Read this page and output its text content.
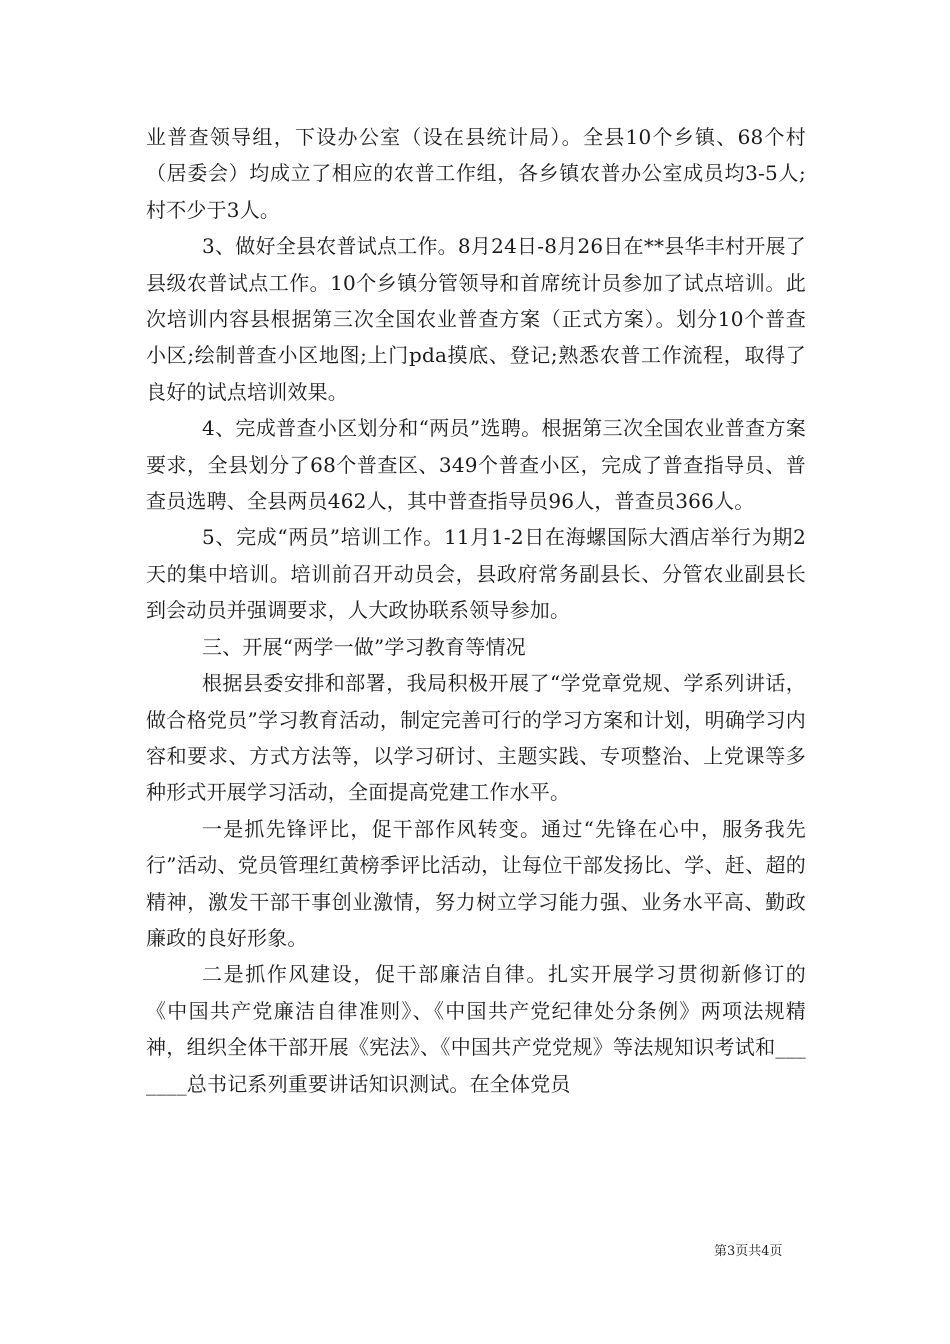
业普查领导组，下设办公室（设在县统计局）。全县10个乡镇、68个村（居委会）均成立了相应的农普工作组，各乡镇农普办公室成员均3-5人;村不少于3人。

3、做好全县农普试点工作。8月24日-8月26日在**县华丰村开展了县级农普试点工作。10个乡镇分管领导和首席统计员参加了试点培训。此次培训内容县根据第三次全国农业普查方案（正式方案）。划分10个普查小区;绘制普查小区地图;上门pda摸底、登记;熟悉农普工作流程，取得了良好的试点培训效果。

4、完成普查小区划分和“两员”选聘。根据第三次全国农业普查方案要求，全县划分了68个普查区、349个普查小区，完成了普查指导员、普查员选聘、全县两员462人，其中普查指导员96人，普查员366人。

5、完成“两员”培训工作。11月1-2日在海螺国际大酒店举行为期2天的集中培训。培训前召开动员会，县政府常务副县长、分管农业副县长到会动员并强调要求，人大政协联系领导参加。

三、开展“两学一做”学习教育等情况

根据县委安排和部署，我局积极开展了“学党章党规、学系列讲话，做合格党员”学习教育活动，制定完善可行的学习方案和计划，明确学习内容和要求、方式方法等，以学习研讨、主题实践、专项整治、上党课等多种形式开展学习活动，全面提高党建工作水平。

一是抓先锋评比，促干部作风转变。通过“先锋在心中，服务我先行”活动、党员管理红黄榜季评比活动，让每位干部发扬比、学、赶、超的精神，激发干部干事创业激情，努力树立学习能力强、业务水平高、勤政廉政的良好形象。

二是抓作风建设，促干部廉洁自律。扎实开展学习贯彻新修订的《中国共产党廉洁自律准则》、《中国共产党纪律处分条例》两项法规精神，组织全体干部开展《宪法》、《中国共产党党规》等法规知识考试和_______总书记系列重要讲话知识测试。在全体党员

第3页共4页
